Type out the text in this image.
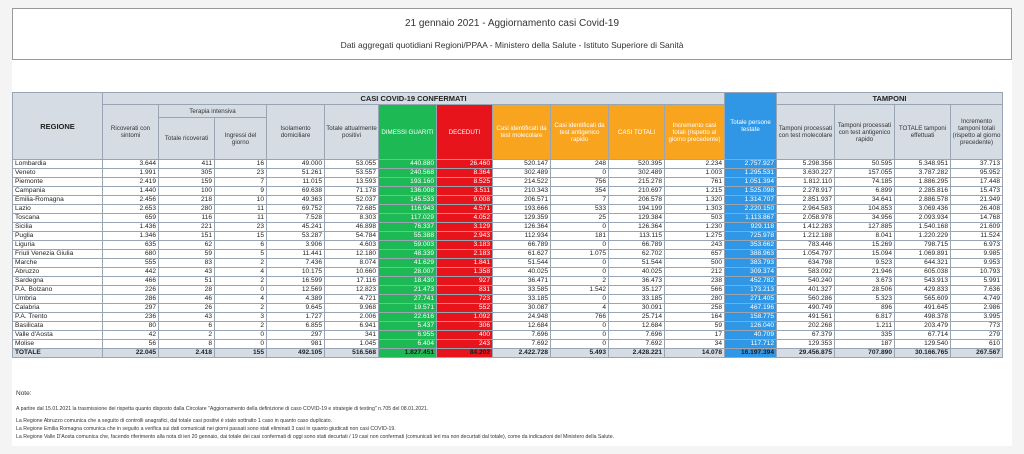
21 gennaio 2021 - Aggiornamento casi Covid-19
Dati aggregati quotidiani Regioni/PPAA - Ministero della Salute - Istituto Superiore di Sanità
REGIONE	CASI COVID-19 CONFERMATI											Totale persone testate	TAMPONI			
	Ricoverati con sintomi	Terapia intensiva		Isolamento domiciliare	Totale attualmente positivi	DIMESSI GUARITI	DECEDUTI	Casi identificati da test molecolare	Casi identificati da test antigenico rapido	CASI TOTALI	Incremento casi totali (rispetto al giorno precedente)		Tamponi processati con test molecolare	Tamponi processati con test antigenico rapido	TOTALE tamponi effettuati	Incremento tamponi totali (rispetto al giorno precedente)
		Totale ricoverati	Ingressi del giorno													
Lombardia	3.644	411	16	49.000	53.055	440.880	26.460	520.147	248	520.395	2.234	2.757.927	5.298.356	50.595	5.348.951	37.713
Veneto	1.991	305	23	51.261	53.557	240.568	8.364	302.489	0	302.489	1.003	1.295.531	3.630.227	157.055	3.787.282	95.952
Piemonte	2.419	159	7	11.015	13.593	193.160	8.525	214.522	756	215.278	761	1.051.394	1.812.110	74.185	1.886.295	17.448
Campania	1.440	100	9	69.638	71.178	136.008	3.511	210.343	354	210.697	1.215	1.525.098	2.278.917	6.899	2.285.816	15.473
Emilia-Romagna	2.456	218	10	49.363	52.037	145.533	9.008	206.571	7	206.578	1.320	1.314.707	2.851.937	34.641	2.886.578	21.949
Lazio	2.653	280	11	69.752	72.685	116.943	4.571	193.666	533	194.199	1.303	2.220.150	2.964.583	104.853	3.069.436	26.408
Toscana	659	116	11	7.528	8.303	117.029	4.052	129.359	25	129.384	503	1.113.867	2.058.978	34.956	2.093.934	14.768
Sicilia	1.436	221	23	45.241	46.898	76.337	3.129	126.364	0	126.364	1.230	929.118	1.412.283	127.885	1.540.168	21.609
Puglia	1.346	151	15	53.287	54.784	55.388	2.943	112.934	181	113.115	1.275	725.978	1.212.188	8.041	1.220.229	11.524
Liguria	635	62	6	3.906	4.603	59.003	3.183	66.789	0	66.789	243	353.662	783.446	15.269	798.715	6.973
Friuli Venezia Giulia	680	59	5	11.441	12.180	48.339	2.183	61.627	1.075	62.702	657	388.963	1.054.797	15.094	1.069.891	9.985
Marche	555	83	2	7.436	8.074	41.629	1.841	51.544	0	51.544	500	383.793	634.798	9.523	644.321	9.953
Abruzzo	442	43	4	10.175	10.660	28.007	1.358	40.025	0	40.025	212	309.374	583.092	21.946	605.038	10.793
Sardegna	466	51	2	16.599	17.116	18.430	927	36.471	2	36.473	238	452.782	540.240	3.673	543.913	5.991
P.A. Bolzano	226	28	0	12.569	12.823	21.473	831	33.585	1.542	35.127	566	173.213	401.327	28.506	429.833	7.636
Umbria	286	46	4	4.389	4.721	27.741	723	33.185	0	33.185	280	271.405	560.286	5.323	565.609	4.749
Calabria	297	26	2	9.645	9.968	19.571	552	30.087	4	30.091	258	467.196	490.749	896	491.645	2.986
P.A. Trento	236	43	3	1.727	2.006	22.616	1.092	24.948	766	25.714	164	158.775	491.561	6.817	498.378	3.995
Basilicata	80	6	2	6.855	6.941	5.437	306	12.684	0	12.684	59	126.040	202.268	1.211	203.479	773
Valle d'Aosta	42	2	0	297	341	6.955	400	7.696	0	7.696	17	40.709	67.379	335	67.714	279
Molise	56	8	0	981	1.045	6.404	243	7.692	0	7.692	34	117.712	129.353	187	129.540	610
TOTALE	22.045	2.418	155	492.105	516.568	1.827.451	84.202	2.422.728	5.493	2.428.221	14.078	16.197.394	29.456.875	707.890	30.166.765	267.567
Note:
A partire dal 15.01.2021 la trasmissione dei rispetta quanto disposto dalla Circolare "Aggiornamento della definizione di caso COVID-19 e strategie di testing" n.705 del 08.01.2021.
La Regione Abruzzo comunica che a seguito di controlli anagrafici, dal totale casi positivi è stato sottratto 1 caso in quanto caso duplicato.
La Regione Emilia Romagna comunica che in seguito a verifica sui dati comunicati nei giorni passati sono stati eliminati 3 casi in quanto giudicati non casi COVID-19.
La Regione Valle D'Aosta comunica che, facendo riferimento alla nota di ieri 20 gennaio, dai totale dei casi confermati di oggi sono stati decurtati / 19 casi non confermati (comunicati ieri ma non decurtati dal totale), come da indicazioni del Ministero della Salute.
